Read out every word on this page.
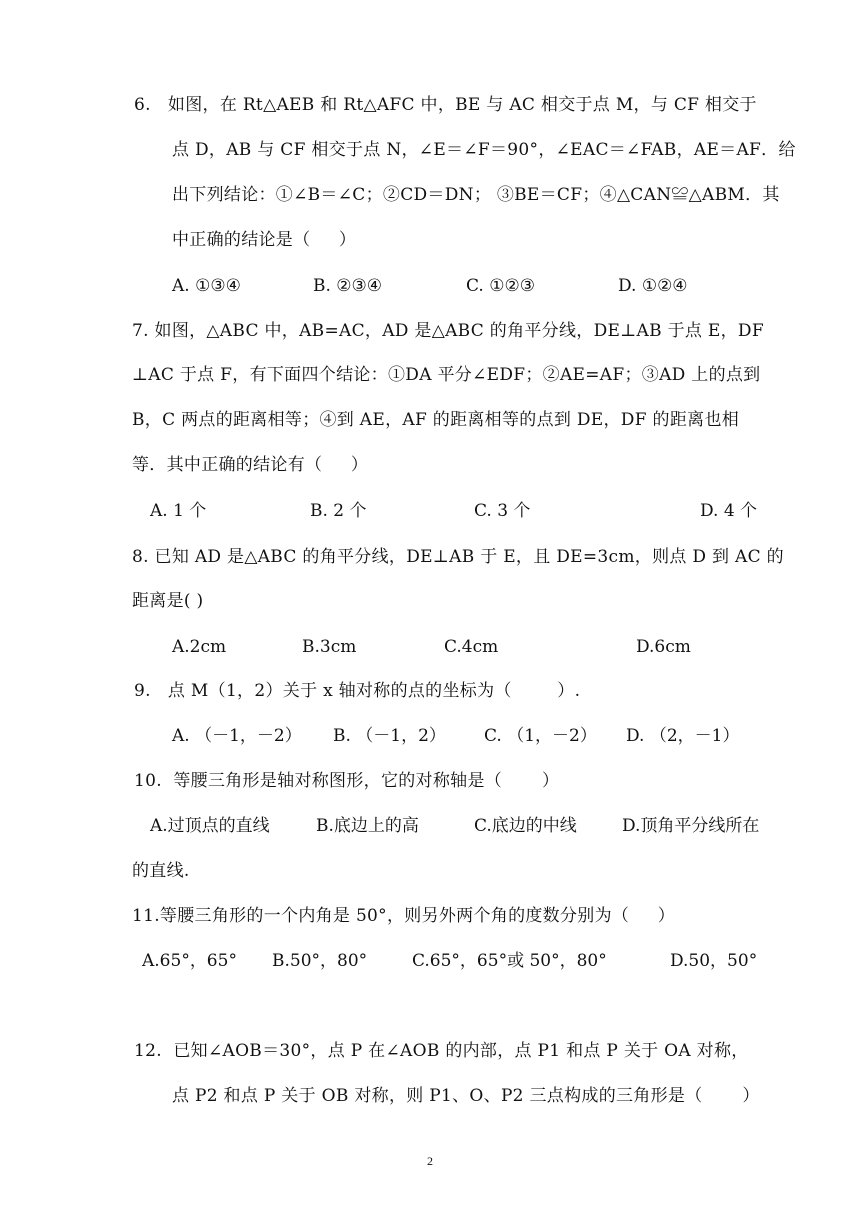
6.   如图，在 Rt△AEB 和 Rt△AFC 中，BE 与 AC 相交于点 M，与 CF 相交于
点 D，AB 与 CF 相交于点 N，∠E＝∠F＝90°，∠EAC＝∠FAB，AE＝AF．给
出下列结论：①∠B＝∠C；②CD＝DN； ③BE＝CF；④△CAN≌△ABM．其
中正确的结论是（     ）
A. ①③④	B. ②③④	C. ①②③	D. ①②④
7. 如图，△ABC 中，AB=AC，AD 是△ABC 的角平分线，DE⊥AB 于点 E，DF
⊥AC 于点 F，有下面四个结论：①DA 平分∠EDF；②AE=AF；③AD 上的点到
B，C 两点的距离相等；④到 AE，AF 的距离相等的点到 DE，DF 的距离也相
等．其中正确的结论有（     ）
A. 1 个	B. 2 个	C. 3 个	D. 4 个
8. 已知 AD 是△ABC 的角平分线，DE⊥AB 于 E，且 DE=3cm，则点 D 到 AC 的
距离是( )
A.2cm	B.3cm	C.4cm	D.6cm
9.   点 M（1，2）关于 x 轴对称的点的坐标为（        ）.
A. （－1，－2） B. （－1，2） C. （1，－2） D. （2，－1）
10.  等腰三角形是轴对称图形，它的对称轴是（       ）
A.过顶点的直线	B.底边上的高	C.底边的中线	D.顶角平分线所在
的直线.
11.等腰三角形的一个内角是 50°，则另外两个角的度数分别为（     ）
A.65°，65° B.50°，80°	C.65°，65°或 50°，80°	D.50，50°
12.  已知∠AOB＝30°，点 P 在∠AOB 的内部，点 P1 和点 P 关于 OA 对称，
点 P2 和点 P 关于 OB 对称，则 P1、O、P2 三点构成的三角形是（       ）
2
